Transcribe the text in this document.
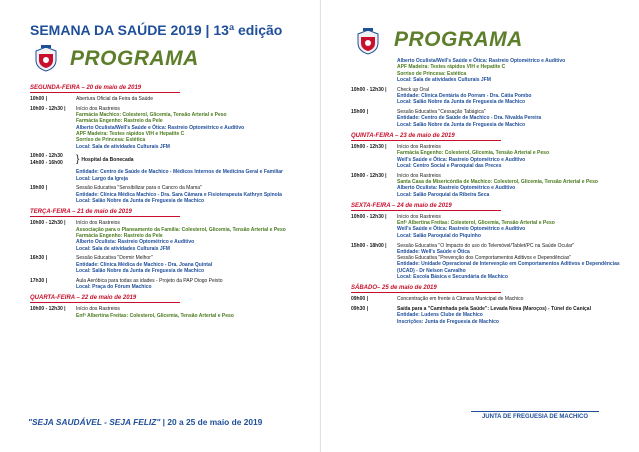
SEMANA DA SAÚDE 2019 | 13ª edição
PROGRAMA
SEGUNDA-FEIRA – 20 de maio de 2019
10h00 |	Abertura Oficial da Feira da Saúde
10h00 - 12h30 |	Início dos Rastreios
Farmácia Machico: Colesterol, Glicemia, Tensão Arterial e Peso
Farmácia Engenho: Rastreio da Pele
Alberto Oculista/Well's Saúde e Ótica: Rastreio Optométrico e Auditivo
APF Madeira: Testes rápidos VIH e Hepatite C
Sorriso de Princesa: Estética
Local: Sala de atividades Culturais JFM
10h00 - 12h30
14h00 - 16h00	} Hospital da Bonecada
Entidade: Centro de Saúde de Machico - Médicos Internos de Medicina Geral e Familiar
Local: Largo da Igreja
19h00 |	Sessão Educativa "Sensibilizar para o Cancro da Mama"
Entidade: Clínica Médica Machico - Dra. Sara Câmara e Fisioterapeuta Kathryn Spinola
Local: Salão Nobre da Junta de Freguesia de Machico
TERÇA-FEIRA – 21 de maio de 2019
10h00 - 12h30 |	Início dos Rastreios
Associação para o Planeamento da Família: Colesterol, Glicemia, Tensão Arterial e Peso
Farmácia Engenho: Rastreio da Pele
Alberto Oculista: Rastreio Optométrico e Auditivo
Local: Sala de atividades Culturais JFM
16h30 |	Sessão Educativa "Dormir Melhor"
Entidade: Clínica Médica de Machico - Dra. Joana Quintal
Local: Salão Nobre da Junta de Freguesia de Machico
17h30 |	Aula Aeróbica para todas as idades - Projeto da PAP Diogo Peixto
Local: Praça do Fórum Machico
QUARTA-FEIRA – 22 de maio de 2019
10h00 - 12h30 |	Início dos Rastreios
Enfª Albertina Freitas: Colesterol, Glicemia, Tensão Arterial e Peso
"SEJA SAUDÁVEL - SEJA FELIZ" | 20 a 25 de maio de 2019
PROGRAMA
Alberto Oculista/Well's Saúde e Ótica: Rastreio Optométrico e Auditivo
APF Madeira: Testes rápidos VIH e Hepatite C
Sorriso de Princesa: Estética
Local: Sala de atividades Culturais JFM
10h00 - 12h30 |	Check up Oral
Entidade: Clínica Dentária do Porram - Dra. Cátia Pombo
Local: Salão Nobre da Junta de Freguesia de Machico
15h00 |	Sessão Educativa "Cessação Tabágica"
Entidade: Centro de Saúde de Machico - Dra. Nivalda Pereira
Local: Salão Nobre da Junta de Freguesia de Machico
QUINTA-FEIRA – 23 de maio de 2019
10h00 - 12h30 |	Início dos Rastreios
Farmácia Engenho: Colesterol, Glicemia, Tensão Arterial e Peso
Well's Saúde e Ótica: Rastreio Optométrico e Auditivo
Local: Centro Social e Paroquial das Preces
10h00 - 12h30 |	Início dos Rastreios
Santa Casa da Misericórdia de Machico: Colesterol, Glicemia, Tensão Arterial e Peso
Alberto Oculista: Rastreio Optométrico e Auditivo
Local: Salão Paroquial da Ribeira Seca
SEXTA-FEIRA – 24 de maio de 2019
10h00 - 12h30 |	Início dos Rastreios
Enfª Albertina Freitas: Colesterol, Glicemia, Tensão Arterial e Peso
Well's Saúde e Ótica: Rastreio Optométrico e Auditivo
Local: Salão Paroquial do Piquinho
15h00 - 18h00 |	Sessão Educativa "O Impacto do uso do Telemóvel/Tablet/PC na Saúde Ocular"
Entidade: Well's Saúde e Ótica
Sessão Educativa "Prevenção dos Comportamentos Aditivos e Dependências"
Entidade: Unidade Operacional de Intervenção em Comportamentos Aditivos e Dependências (UCAD) - Dr Nelson Carvalho
Local: Escola Básica e Secundária de Machico
SÁBADO– 25 de maio de 2019
09h00 |	Concentração em frente à Câmara Municipal de Machico
09h30 |	Saída para a "Caminhada pela Saúde": Levada Nova (Maroços) - Túnel do Caniçal
Entidade: Ludens Clube de Machico
Inscrições: Junta de Freguesia de Machico
JUNTA DE FREGUESIA DE MACHICO
